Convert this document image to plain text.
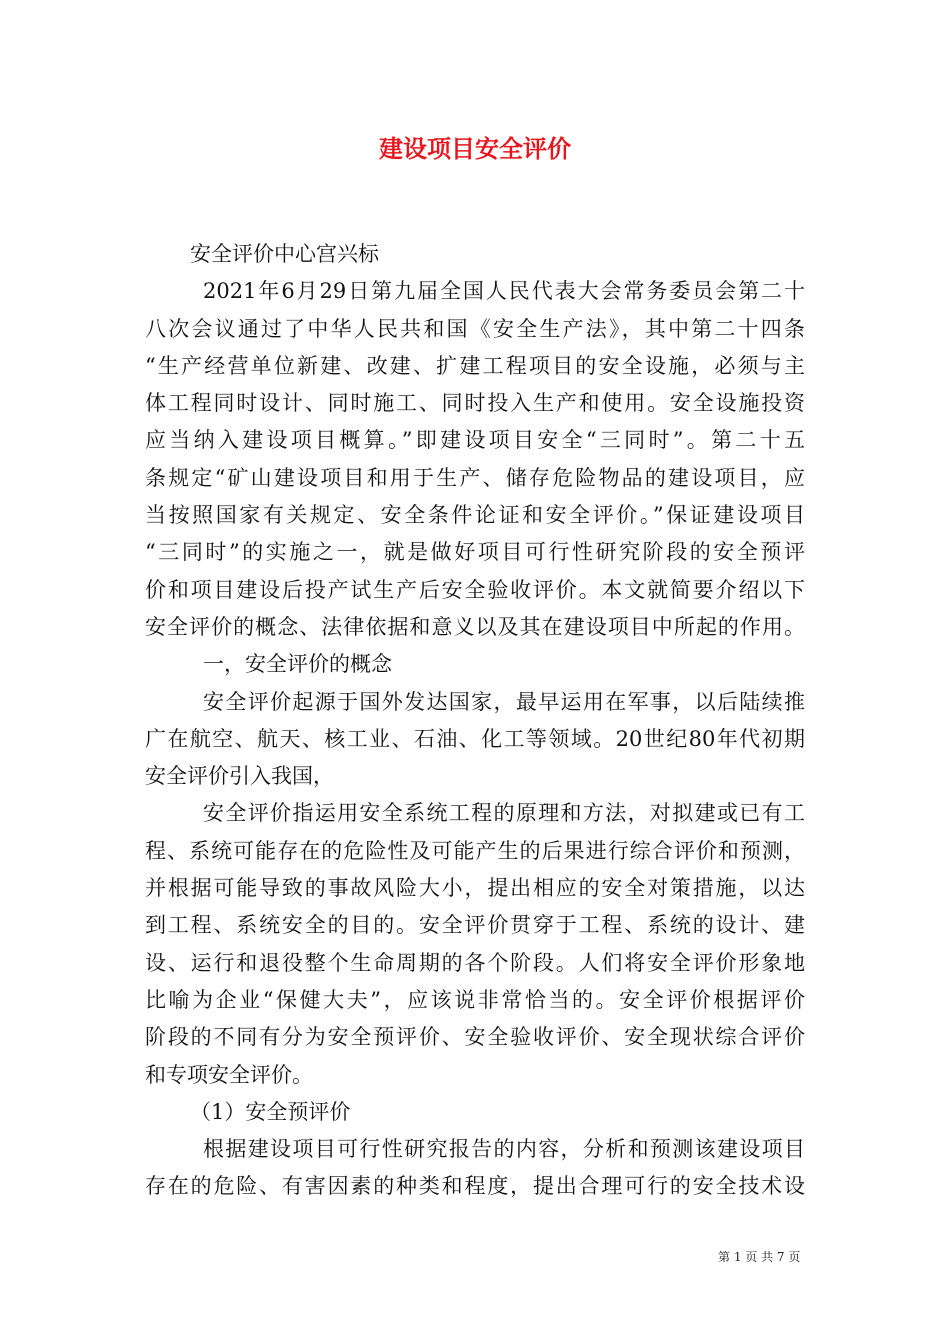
建设项目安全评价
安全评价中心宫兴标
2021年6月29日第九届全国人民代表大会常务委员会第二十
八次会议通过了中华人民共和国《安全生产法》，其中第二十四条
“生产经营单位新建、改建、扩建工程项目的安全设施，必须与主
体工程同时设计、同时施工、同时投入生产和使用。安全设施投资
应当纳入建设项目概算。”即建设项目安全“三同时”。第二十五
条规定“矿山建设项目和用于生产、储存危险物品的建设项目，应
当按照国家有关规定、安全条件论证和安全评价。”保证建设项目
“三同时”的实施之一，就是做好项目可行性研究阶段的安全预评
价和项目建设后投产试生产后安全验收评价。本文就简要介绍以下
安全评价的概念、法律依据和意义以及其在建设项目中所起的作用。
一，安全评价的概念
安全评价起源于国外发达国家，最早运用在军事，以后陆续推
广在航空、航天、核工业、石油、化工等领域。20世纪80年代初期
安全评价引入我国，
安全评价指运用安全系统工程的原理和方法，对拟建或已有工
程、系统可能存在的危险性及可能产生的后果进行综合评价和预测，
并根据可能导致的事故风险大小，提出相应的安全对策措施，以达
到工程、系统安全的目的。安全评价贯穿于工程、系统的设计、建
设、运行和退役整个生命周期的各个阶段。人们将安全评价形象地
比喻为企业“保健大夫”，应该说非常恰当的。安全评价根据评价
阶段的不同有分为安全预评价、安全验收评价、安全现状综合评价
和专项安全评价。
（1）安全预评价
根据建设项目可行性研究报告的内容，分析和预测该建设项目
存在的危险、有害因素的种类和程度，提出合理可行的安全技术设
第 1 页 共 7 页
